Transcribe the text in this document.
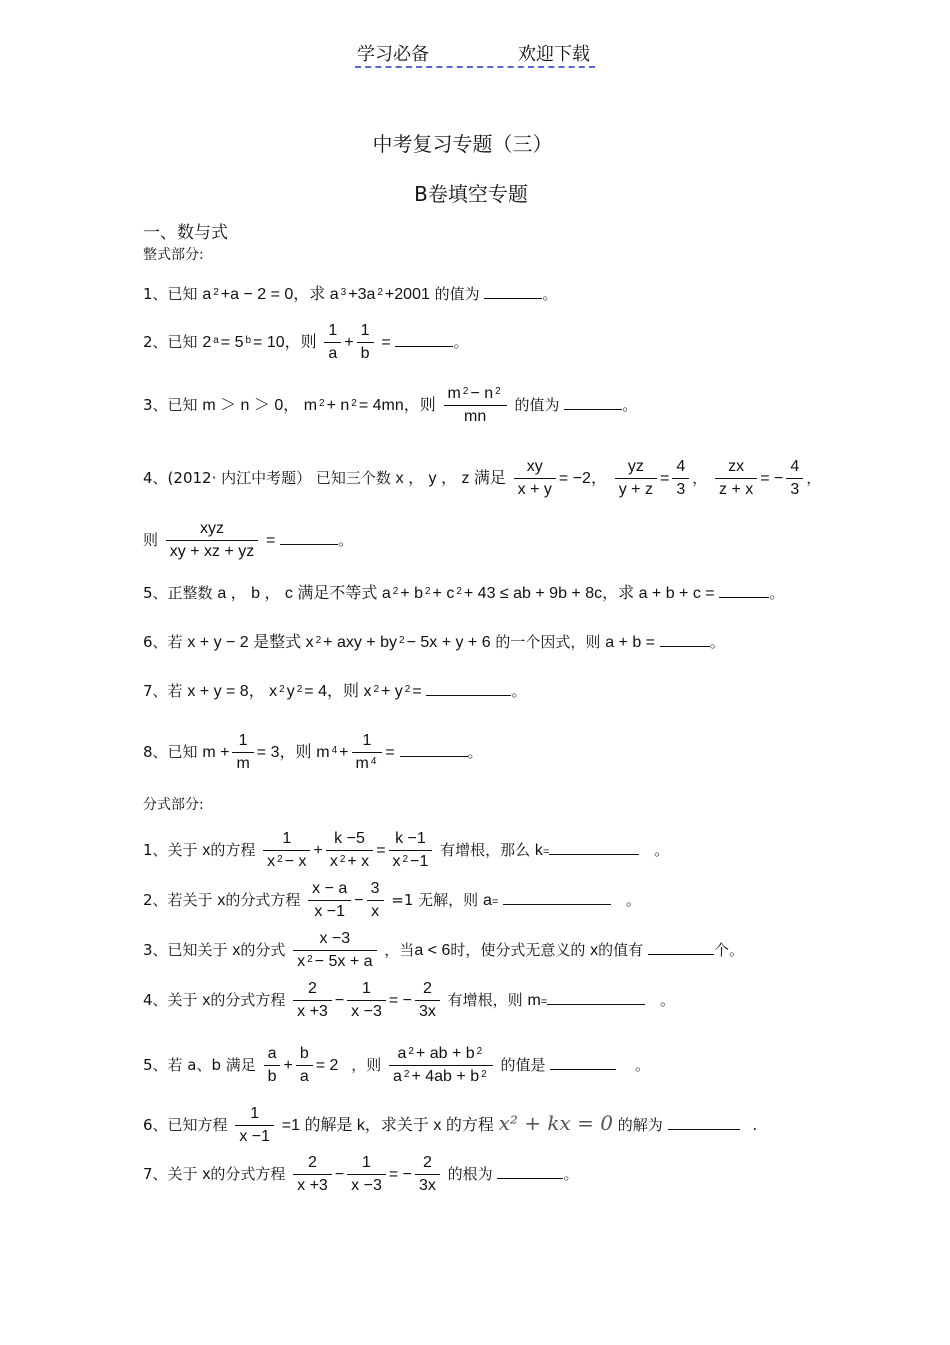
学习必备	欢迎下载
中考复习专题（三）
B卷填空专题
一、数与式
整式部分:
1、已知 a $^2$ +a − 2 = 0，求 a $^3$ +3a $^2$ +2001 的值为	。
2、已知 2 $^a$ = 5 $^b$ = 10，则 $\frac{1}{a} + \frac{1}{b}$ =	。
3、已知 m ＞ n ＞ 0， m $^2$ + n $^2$ = 4mn，则 $\frac{m ^2 - n ^2}{mn}$ 的值为	。
4、(2012· 内江中考题） 已知三个数 x ， y ， z 满足 $\frac{xy}{x + y} = -2$， $\frac{yz}{y + z} = \frac{4}{3}$ ， $\frac{zx}{z + x}$ = − $\frac{4}{3}$ ，
则
xyz
xy + xz + yz
=	。
5、正整数 a ， b ， c 满足不等式 a $^2$ + b $^2$ + c $^2$ + 43 ≤ ab + 9b + 8c，求 a + b + c =	。
6、若 x + y − 2 是整式 x $^2$ + axy + by $^2$ − 5x + y + 6 的一个因式，则 a + b =	。
7、若 x + y = 8， x $^2$ y $^2$ = 4，则 x $^2$ + y $^2$ =	。
8、已知 $m + \frac{1}{m} = 3$，则 m $^4 + \frac{1}{m ^4}$ =	。
分式部分:
1、关于 x的方程 $\frac{1}{x ^2 - x} + \frac{k -5}{x ^2 + x} = \frac{k -1}{x ^2 -1}$ 有增根，那么 k=	。
2、若关于 x的分式方程 $\frac{x - a}{x -1} - \frac{3}{x} =1$ 无解，则 a=	。
3、已知关于 x的分式 $\frac{x -3}{x ^2 - 5x + a}$ ，当a < 6时，使分式无意义的 x的值有	个。
4、关于 x的分式方程 $\frac{2}{x +3} - \frac{1}{x -3}$ = − $\frac{2}{3x}$ 有增根，则 m=	。
5、若 a、b 满足 $\frac{a}{b} + \frac{b}{a} = 2$ ，则 $\frac{a ^2 + ab + b ^2}{a ^2 + 4ab + b ^2}$ 的值是	。
6、已知方程 $\frac{1}{x -1} =1$ 的解是 k，求关于 x 的方程 x² + kx = 0 的解为	.
7、关于 x的分式方程 $\frac{2}{x +3} - \frac{1}{x -3}$ = − $\frac{2}{3x}$ 的根为	。
